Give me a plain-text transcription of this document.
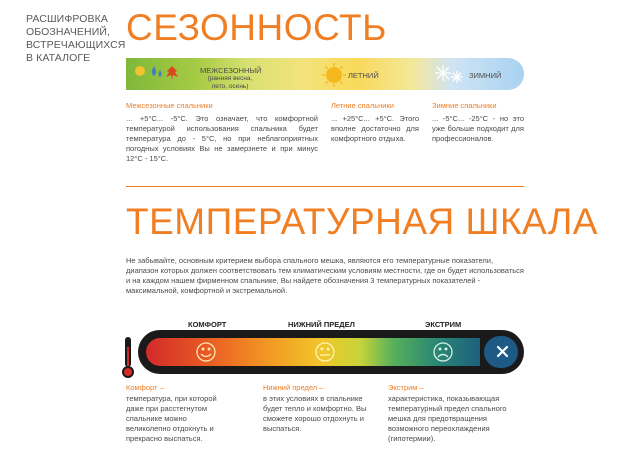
РАСШИФРОВКА ОБОЗНАЧЕНИЙ, ВСТРЕЧАЮЩИХСЯ В КАТАЛОГЕ
СЕЗОННОСТЬ
МЕЖСЕЗОННЫЙ
(ранняя весна, лето, осень)
ЛЕТНИЙ	ЗИМНИЙ
Межсезонные спальники
... +5°С... -5°С. Это означает, что комфортной температурой использования спальника будет температура до - 5°С, но при неблагоприятных погодных условиях Вы не замерзнете и при минус 12°С - 15°С.
Летние спальники
... +25°С... +5°С. Этого вполне достаточно для комфортного отдыха.
Зимние спальники
... -5°С... -25°С - но это уже больше подходит для профессионалов.
ТЕМПЕРАТУРНАЯ ШКАЛА
Не забывайте, основным критерием выбора спального мешка, являются его температурные показатели, диапазон которых должен соответствовать тем климатическим условиям местности, где он будет использоваться и на каждом нашем фирменном спальнике, Вы найдете обозначения 3 температурных показателей - максимальной, комфортной и экстремальной.
КОМФОРТ	НИЖНИЙ ПРЕДЕЛ	ЭКСТРИМ
Комфорт –
температура, при которой даже при расстегнутом спальнике можно великолепно отдохнуть и прекрасно выспаться.
Нижний предел –
в этих условиях в спальнике будет тепло и комфортно. Вы сможете хорошо отдохнуть и выспаться.
Экстрим –
характеристика, показывающая температурный предел спального мешка для предотвращения возможного переохлаждения (гипотермии).
